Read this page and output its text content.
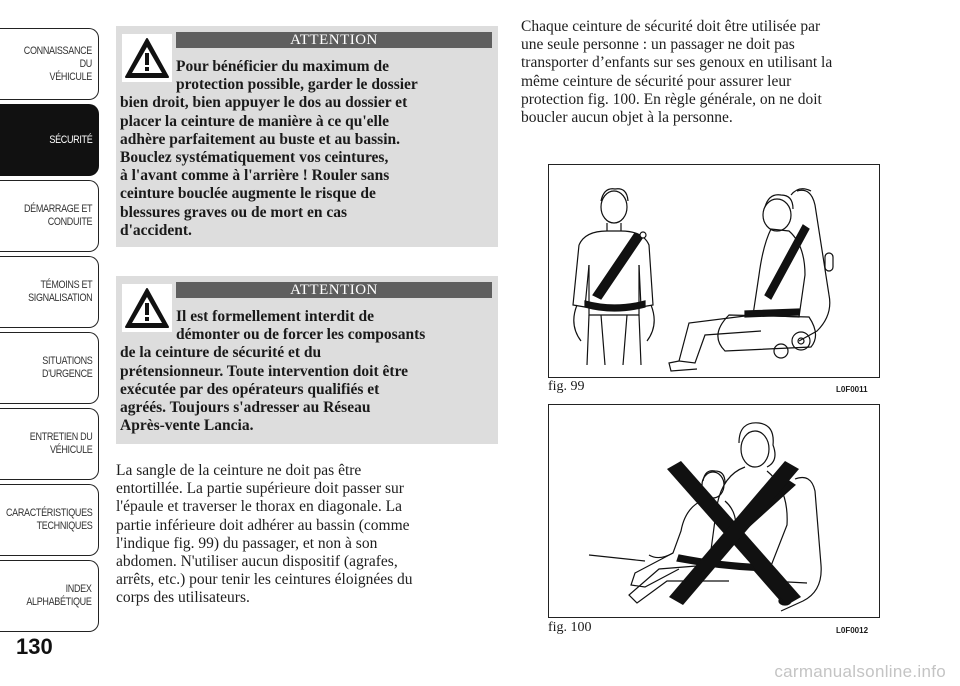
CONNAISSANCE DU
VÉHICULE
SÉCURITÉ
DÉMARRAGE ET
CONDUITE
TÉMOINS ET
SIGNALISATION
SITUATIONS
D'URGENCE
ENTRETIEN DU
VÉHICULE
CARACTÉRISTIQUES
TECHNIQUES
INDEX
ALPHABÉTIQUE
130
ATTENTION
Pour bénéficier du maximum de
protection possible, garder le dossier
bien droit, bien appuyer le dos au dossier et
placer la ceinture de manière à ce qu'elle
adhère parfaitement au buste et au bassin.
Bouclez systématiquement vos ceintures,
à l'avant comme à l'arrière ! Rouler sans
ceinture bouclée augmente le risque de
blessures graves ou de mort en cas
d'accident.
ATTENTION
Il est formellement interdit de
démonter ou de forcer les composants
de la ceinture de sécurité et du
prétensionneur. Toute intervention doit être
exécutée par des opérateurs qualifiés et
agréés. Toujours s'adresser au Réseau
Après-vente Lancia.
La sangle de la ceinture ne doit pas être
entortillée. La partie supérieure doit passer sur
l'épaule et traverser le thorax en diagonale. La
partie inférieure doit adhérer au bassin (comme
l'indique fig. 99) du passager, et non à son
abdomen. N'utiliser aucun dispositif (agrafes,
arrêts, etc.) pour tenir les ceintures éloignées du
corps des utilisateurs.
Chaque ceinture de sécurité doit être utilisée par
une seule personne : un passager ne doit pas
transporter d’enfants sur ses genoux en utilisant la
même ceinture de sécurité pour assurer leur
protection fig. 100. En règle générale, on ne doit
boucler aucun objet à la personne.
fig. 99	L0F0011
fig. 100	L0F0012
carmanualsonline.info
